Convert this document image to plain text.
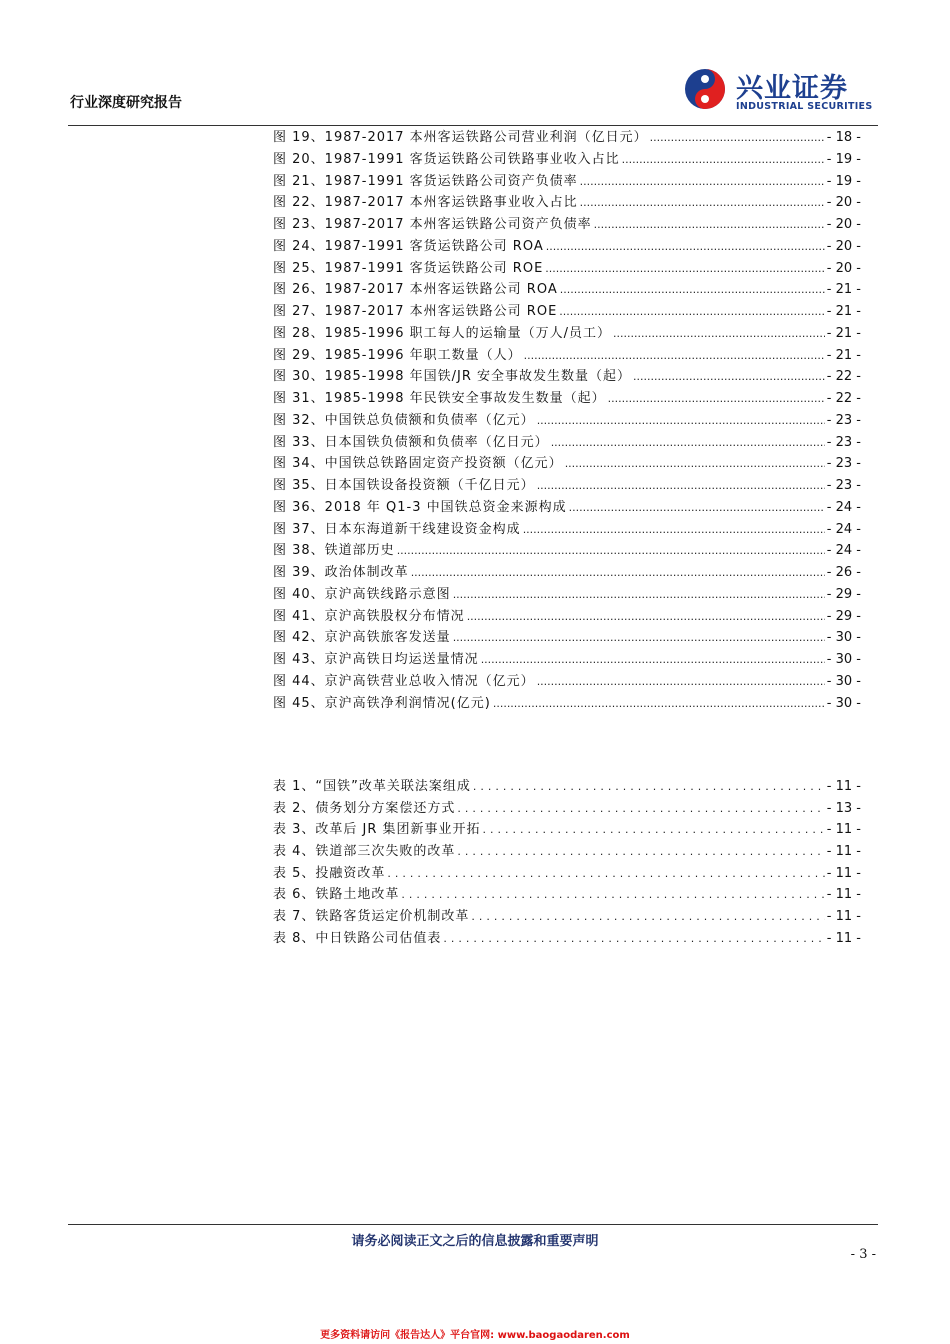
行业深度研究报告	兴业证券
INDUSTRIAL SECURITIES
图 19、1987-2017 本州客运铁路公司营业利润（亿日元） .....	- 18 -
图 20、1987-1991 客货运铁路公司铁路事业收入占比 .....	- 19 -
图 21、1987-1991 客货运铁路公司资产负债率 .....	- 19 -
图 22、1987-2017 本州客运铁路事业收入占比 .....	- 20 -
图 23、1987-2017 本州客运铁路公司资产负债率 .....	- 20 -
图 24、1987-1991 客货运铁路公司 ROA .....	- 20 -
图 25、1987-1991 客货运铁路公司 ROE .....	- 20 -
图 26、1987-2017 本州客运铁路公司 ROA .....	- 21 -
图 27、1987-2017 本州客运铁路公司 ROE .....	- 21 -
图 28、1985-1996 职工每人的运输量（万人/员工） .....	- 21 -
图 29、1985-1996 年职工数量（人） .....	- 21 -
图 30、1985-1998 年国铁/JR 安全事故发生数量（起） .....	- 22 -
图 31、1985-1998 年民铁安全事故发生数量（起） .....	- 22 -
图 32、中国铁总负债额和负债率（亿元） .....	- 23 -
图 33、日本国铁负债额和负债率（亿日元） .....	- 23 -
图 34、中国铁总铁路固定资产投资额（亿元） .....	- 23 -
图 35、日本国铁设备投资额（千亿日元） .....	- 23 -
图 36、2018 年 Q1-3 中国铁总资金来源构成 .....	- 24 -
图 37、日本东海道新干线建设资金构成 .....	- 24 -
图 38、铁道部历史 .....	- 24 -
图 39、政治体制改革 .....	- 26 -
图 40、京沪高铁线路示意图 .....	- 29 -
图 41、京沪高铁股权分布情况 .....	- 29 -
图 42、京沪高铁旅客发送量 .....	- 30 -
图 43、京沪高铁日均运送量情况 .....	- 30 -
图 44、京沪高铁营业总收入情况（亿元） .....	- 30 -
图 45、京沪高铁净利润情况(亿元) .....	- 30 -
表 1、“国铁”改革关联法案组成 .....	- 11 -
表 2、债务划分方案偿还方式 .....	- 13 -
表 3、改革后 JR 集团新事业开拓 .....	- 11 -
表 4、铁道部三次失败的改革 .....	- 11 -
表 5、投融资改革 .....	- 11 -
表 6、铁路土地改革 .....	- 11 -
表 7、铁路客货运定价机制改革 .....	- 11 -
表 8、中日铁路公司估值表 .....	- 11 -
请务必阅读正文之后的信息披露和重要声明
- 3 -
更多资料请访问《报告达人》平台官网: www.baogaodaren.com
